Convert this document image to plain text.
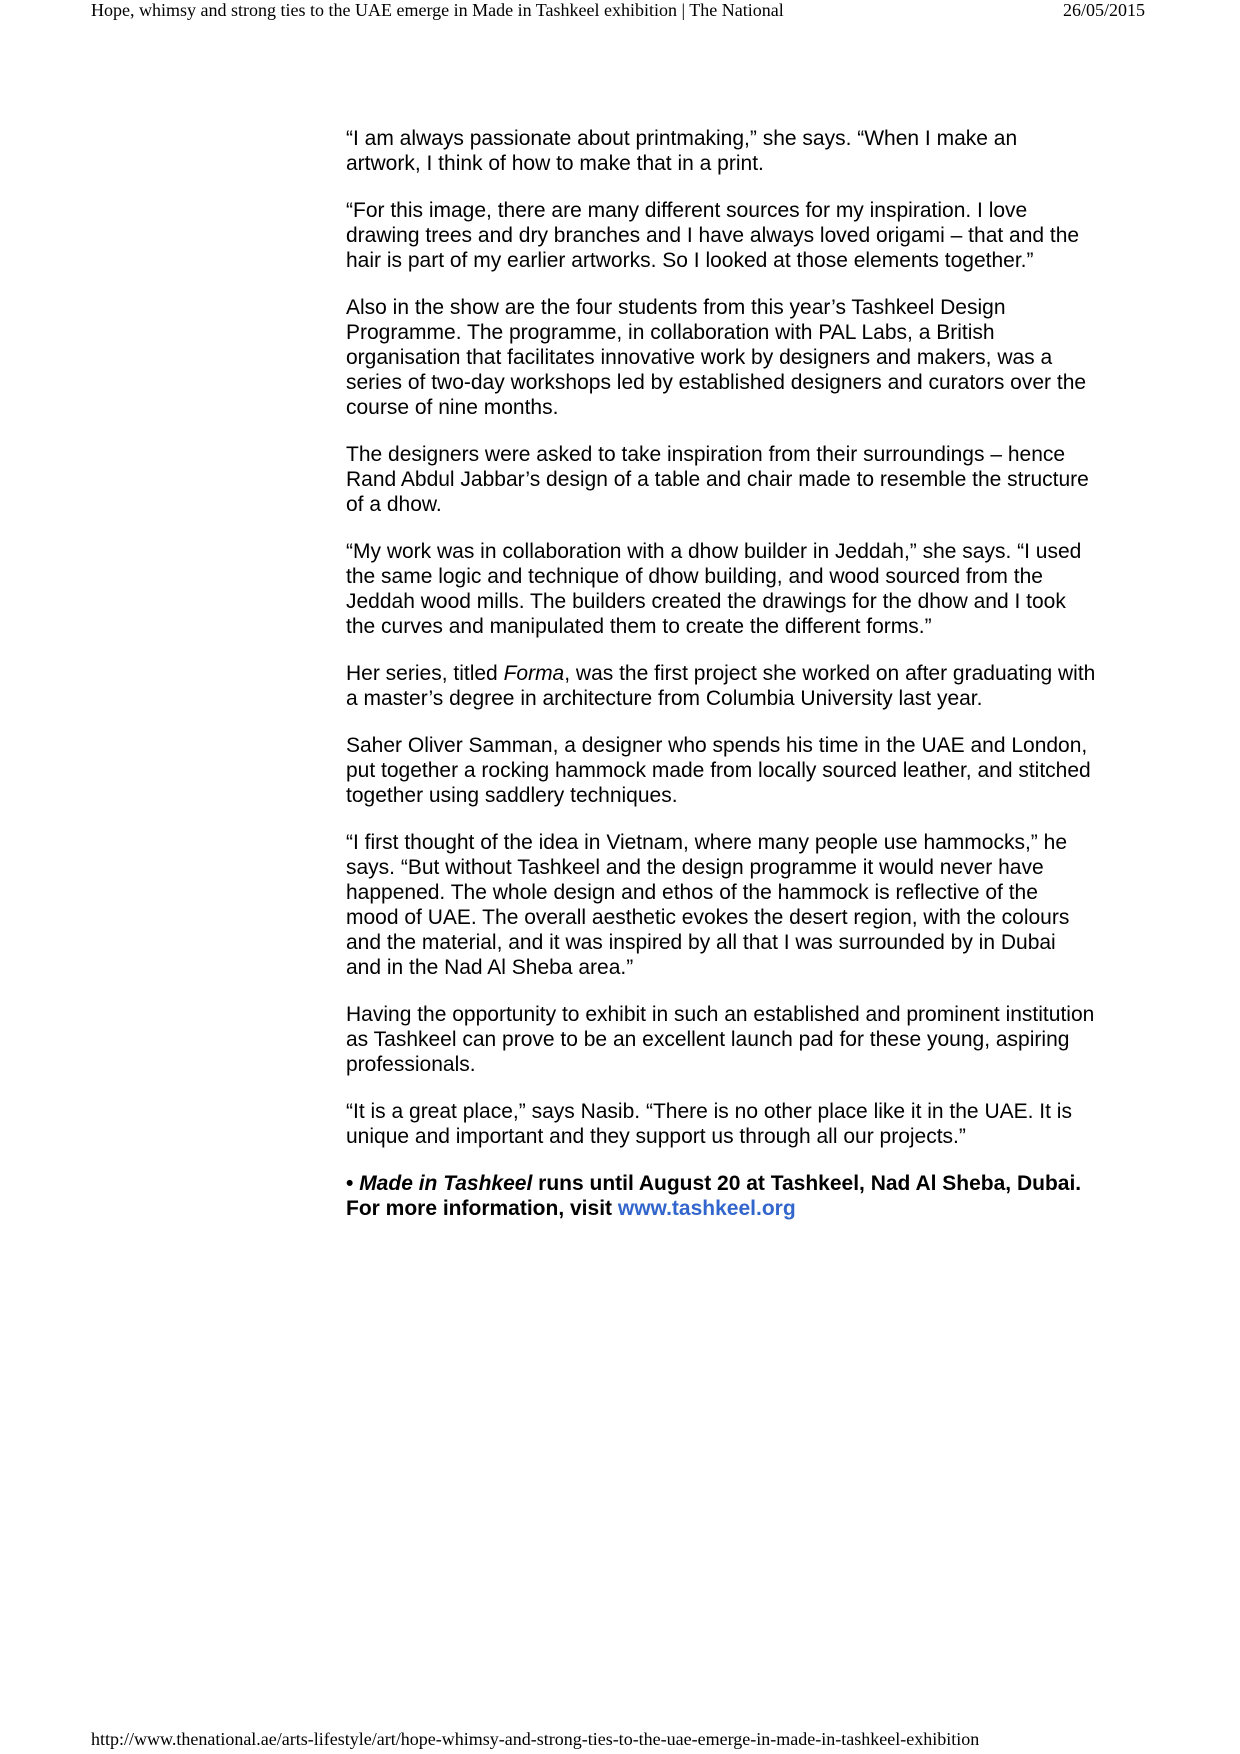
Hope, whimsy and strong ties to the UAE emerge in Made in Tashkeel exhibition | The National	26/05/2015

“I am always passionate about printmaking,” she says. “When I make an artwork, I think of how to make that in a print.

“For this image, there are many different sources for my inspiration. I love drawing trees and dry branches and I have always loved origami – that and the hair is part of my earlier artworks. So I looked at those elements together.”

Also in the show are the four students from this year’s Tashkeel Design Programme. The programme, in collaboration with PAL Labs, a British organisation that facilitates innovative work by designers and makers, was a series of two-day workshops led by established designers and curators over the course of nine months.

The designers were asked to take inspiration from their surroundings – hence Rand Abdul Jabbar’s design of a table and chair made to resemble the structure of a dhow.

“My work was in collaboration with a dhow builder in Jeddah,” she says. “I used the same logic and technique of dhow building, and wood sourced from the Jeddah wood mills. The builders created the drawings for the dhow and I took the curves and manipulated them to create the different forms.”

Her series, titled Forma, was the first project she worked on after graduating with a master’s degree in architecture from Columbia University last year.

Saher Oliver Samman, a designer who spends his time in the UAE and London, put together a rocking hammock made from locally sourced leather, and stitched together using saddlery techniques.

“I first thought of the idea in Vietnam, where many people use hammocks,” he says. “But without Tashkeel and the design programme it would never have happened. The whole design and ethos of the hammock is reflective of the mood of UAE. The overall aesthetic evokes the desert region, with the colours and the material, and it was inspired by all that I was surrounded by in Dubai and in the Nad Al Sheba area.”

Having the opportunity to exhibit in such an established and prominent institution as Tashkeel can prove to be an excellent launch pad for these young, aspiring professionals.

“It is a great place,” says Nasib. “There is no other place like it in the UAE. It is unique and important and they support us through all our projects.”

• Made in Tashkeel runs until August 20 at Tashkeel, Nad Al Sheba, Dubai. For more information, visit www.tashkeel.org

http://www.thenational.ae/arts-lifestyle/art/hope-whimsy-and-strong-ties-to-the-uae-emerge-in-made-in-tashkeel-exhibition
